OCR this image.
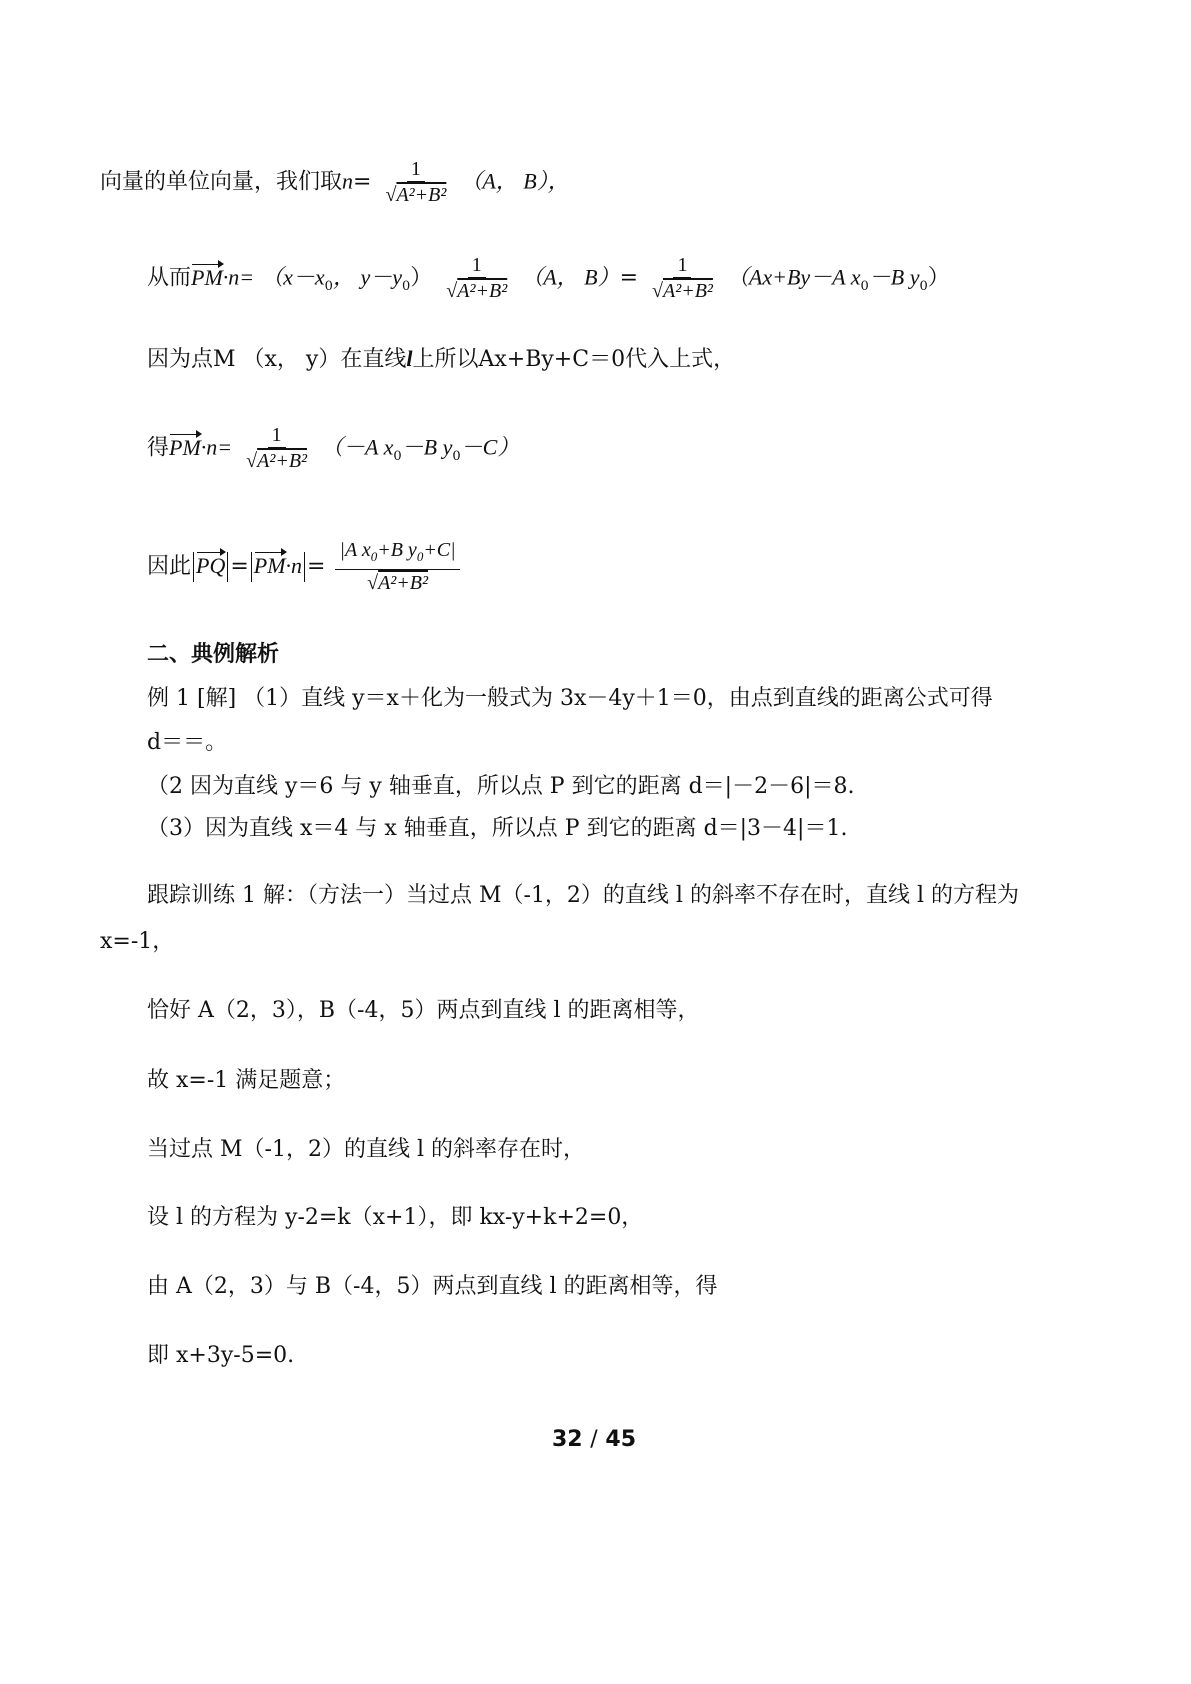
向量的单位向量，我们取$n= \frac{1}{\text{√A²+B²}} (A$， B），
从而$PM\cdot n= (x-x_0$， $y-y_0) \frac{1}{\text{√A²+B²}} (A$， $B)= \frac{1}{\text{√A²+B²}} (Ax+By-A$ $x_0-B$ $y_0$）
因为点M （x， y）在直线l上所以Ax+By+C＝0代入上式，
得$PM\cdot n= \frac{1}{\text{√A²+B²}} (-A$ $x_0-B$ $y_0-C$）
因此 PQ = $PM\cdot n = \frac{|A x_0+B y_0+C|}{\text{√A²+B²}}$
二、典例解析
例 1 [解] （1）直线 y＝x＋化为一般式为 3x－4y＋1＝0，由点到直线的距离公式可得
d＝＝。
（2 因为直线 y＝6 与 y 轴垂直，所以点 P 到它的距离 d＝|－2－6|＝8.
（3）因为直线 x＝4 与 x 轴垂直，所以点 P 到它的距离 d＝|3－4|＝1.
跟踪训练 1 解：（方法一）当过点 M（-1，2）的直线 l 的斜率不存在时，直线 l 的方程为
x=-1，
恰好 A（2，3），B（-4，5）两点到直线 l 的距离相等，
故 x=-1 满足题意；
当过点 M（-1，2）的直线 l 的斜率存在时，
设 l 的方程为 y-2=k（x+1），即 kx-y+k+2=0，
由 A（2，3）与 B（-4，5）两点到直线 l 的距离相等，得
即 x+3y-5=0.
32 / 45
